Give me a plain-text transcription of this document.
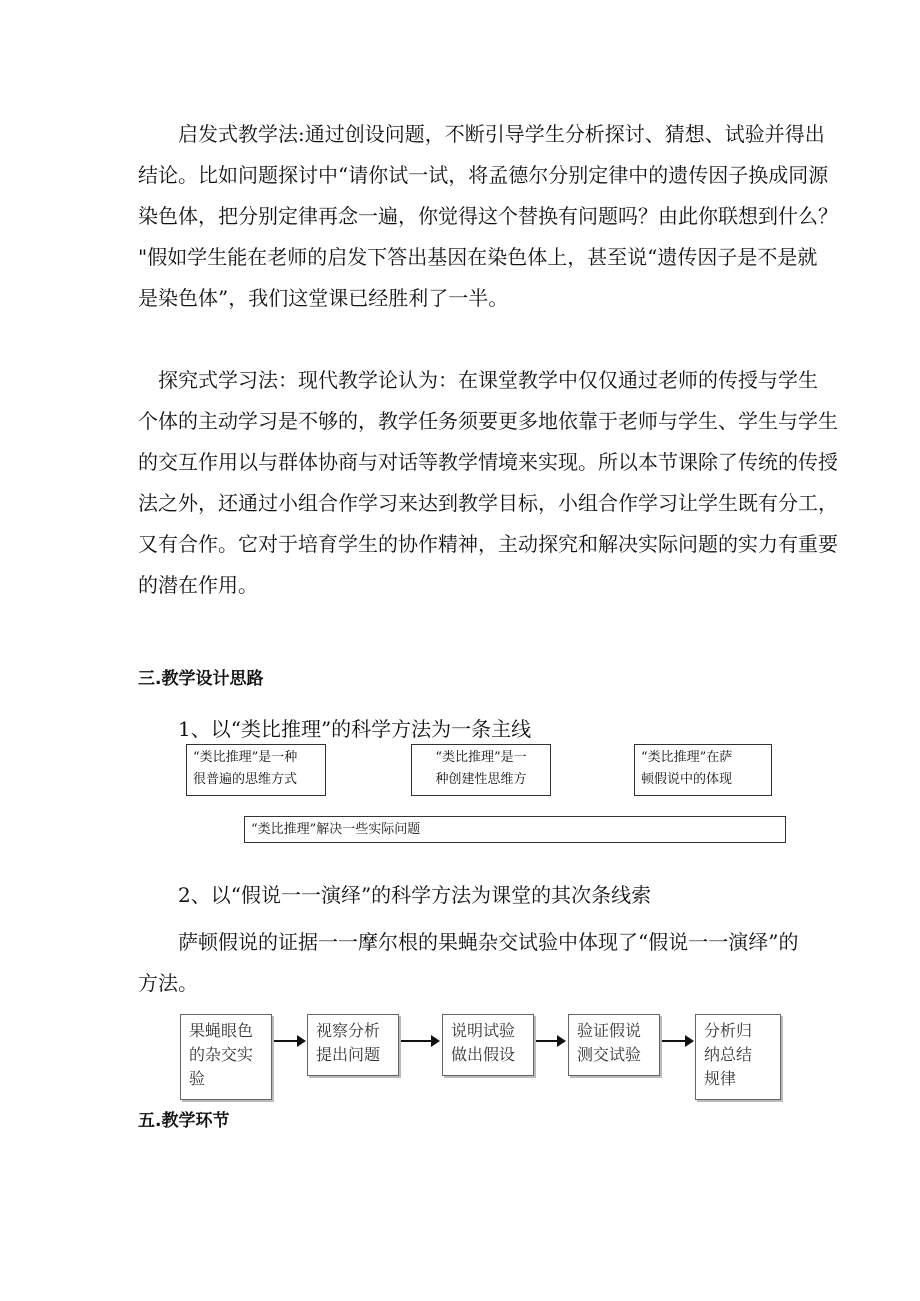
　　启发式教学法:通过创设问题，不断引导学生分析探讨、猜想、试验并得出
结论。比如问题探讨中“请你试一试，将孟德尔分别定律中的遗传因子换成同源
染色体，把分别定律再念一遍，你觉得这个替换有问题吗？由此你联想到什么？
"假如学生能在老师的启发下答出基因在染色体上，甚至说“遗传因子是不是就
是染色体”，我们这堂课已经胜利了一半。
　探究式学习法：现代教学论认为：在课堂教学中仅仅通过老师的传授与学生
个体的主动学习是不够的，教学任务须要更多地依靠于老师与学生、学生与学生
的交互作用以与群体协商与对话等教学情境来实现。所以本节课除了传统的传授
法之外，还通过小组合作学习来达到教学目标，小组合作学习让学生既有分工，
又有合作。它对于培育学生的协作精神，主动探究和解决实际问题的实力有重要
的潜在作用。
三.教学设计思路
1、以“类比推理”的科学方法为一条主线
“类比推理”是一种
很普遍的思维方式
“类比推理”是一
种创建性思维方
“类比推理”在萨
顿假说中的体现
“类比推理”解决一些实际问题
2、以“假说一一演绎”的科学方法为课堂的其次条线索
萨顿假说的证据一一摩尔根的果蝇杂交试验中体现了“假说一一演绎”的
方法。
果蝇眼色
的杂交实
验
视察分析
提出问题
说明试验
做出假设
验证假说
测交试验
分析归
纳总结
规律
五.教学环节
